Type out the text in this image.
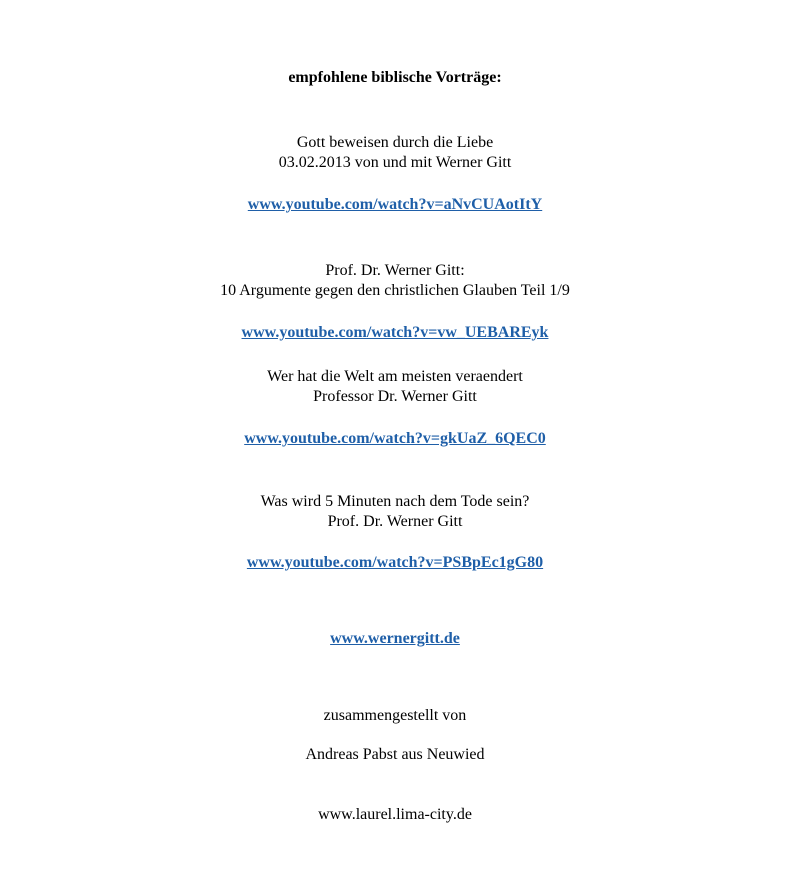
empfohlene biblische Vorträge:
Gott beweisen durch die Liebe
03.02.2013 von und mit Werner Gitt
www.youtube.com/watch?v=aNvCUAotItY
Prof. Dr. Werner Gitt:
10 Argumente gegen den christlichen Glauben Teil 1/9
www.youtube.com/watch?v=vw_UEBAREyk
Wer hat die Welt am meisten veraendert
Professor Dr. Werner Gitt
www.youtube.com/watch?v=gkUaZ_6QEC0
Was wird 5 Minuten nach dem Tode sein?
Prof. Dr. Werner Gitt
www.youtube.com/watch?v=PSBpEc1gG80
www.wernergitt.de
zusammengestellt von
Andreas Pabst aus Neuwied
www.laurel.lima-city.de
